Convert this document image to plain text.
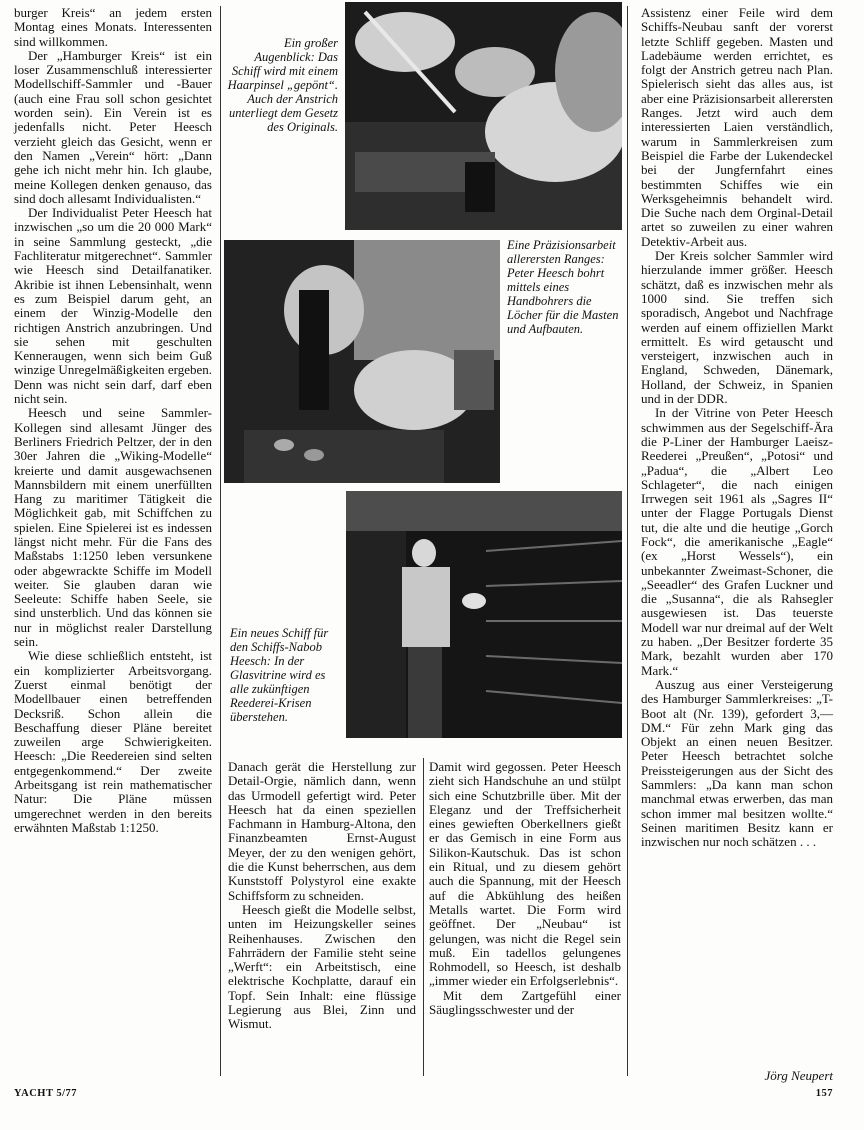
burger Kreis“ an jedem ersten Montag eines Monats. Interessenten sind willkommen.

Der „Hamburger Kreis“ ist ein loser Zusammenschluß interessierter Modellschiff-Sammler und -Bauer (auch eine Frau soll schon gesichtet worden sein). Ein Verein ist es jedenfalls nicht. Peter Heesch verzieht gleich das Gesicht, wenn er den Namen „Verein“ hört: „Dann gehe ich nicht mehr hin. Ich glaube, meine Kollegen denken genauso, das sind doch allesamt Individualisten.“

Der Individualist Peter Heesch hat inzwischen „so um die 20 000 Mark“ in seine Sammlung gesteckt, „die Fachliteratur mitgerechnet“. Sammler wie Heesch sind Detailfanatiker. Akribie ist ihnen Lebensinhalt, wenn es zum Beispiel darum geht, an einem der Winzig-Modelle den richtigen Anstrich anzubringen. Und sie sehen mit geschulten Kenneraugen, wenn sich beim Guß winzige Unregelmäßigkeiten ergeben. Denn was nicht sein darf, darf eben nicht sein.

Heesch und seine Sammler-Kollegen sind allesamt Jünger des Berliners Friedrich Peltzer, der in den 30er Jahren die „Wiking-Modelle“ kreierte und damit ausgewachsenen Mannsbildern mit einem unerfüllten Hang zu maritimer Tätigkeit die Möglichkeit gab, mit Schiffchen zu spielen. Eine Spielerei ist es indessen längst nicht mehr. Für die Fans des Maßstabs 1:1250 leben versunkene oder abgewrackte Schiffe im Modell weiter. Sie glauben daran wie Seeleute: Schiffe haben Seele, sie sind unsterblich. Und das können sie nur in möglichst realer Darstellung sein.

Wie diese schließlich entsteht, ist ein komplizierter Arbeitsvorgang. Zuerst einmal benötigt der Modellbauer einen betreffenden Decksriß. Schon allein die Beschaffung dieser Pläne bereitet zuweilen arge Schwierigkeiten. Heesch: „Die Reedereien sind selten entgegenkommend.“ Der zweite Arbeitsgang ist rein mathematischer Natur: Die Pläne müssen umgerechnet werden in den bereits erwähnten Maßstab 1:1250.

Ein großer Augenblick: Das Schiff wird mit einem Haarpinsel „gepönt“. Auch der Anstrich unterliegt dem Gesetz des Originals.
Eine Präzisionsarbeit allerersten Ranges: Peter Heesch bohrt mittels eines Handbohrers die Löcher für die Masten und Aufbauten.
Ein neues Schiff für den Schiffs-Nabob Heesch: In der Glasvitrine wird es alle zukünftigen Reederei-Krisen überstehen.

Danach gerät die Herstellung zur Detail-Orgie, nämlich dann, wenn das Urmodell gefertigt wird. Peter Heesch hat da einen speziellen Fachmann in Hamburg-Altona, den Finanzbeamten Ernst-August Meyer, der zu den wenigen gehört, die die Kunst beherrschen, aus dem Kunststoff Polystyrol eine exakte Schiffsform zu schneiden.

Heesch gießt die Modelle selbst, unten im Heizungskeller seines Reihenhauses. Zwischen den Fahrrädern der Familie steht seine „Werft“: ein Arbeitstisch, eine elektrische Kochplatte, darauf ein Topf. Sein Inhalt: eine flüssige Legierung aus Blei, Zinn und Wismut.

Damit wird gegossen. Peter Heesch zieht sich Handschuhe an und stülpt sich eine Schutzbrille über. Mit der Eleganz und der Treffsicherheit eines gewieften Oberkellners gießt er das Gemisch in eine Form aus Silikon-Kautschuk. Das ist schon ein Ritual, und zu diesem gehört auch die Spannung, mit der Heesch auf die Abkühlung des heißen Metalls wartet. Die Form wird geöffnet. Der „Neubau“ ist gelungen, was nicht die Regel sein muß. Ein tadellos gelungenes Rohmodell, so Heesch, ist deshalb „immer wieder ein Erfolgserlebnis“.

Mit dem Zartgefühl einer Säuglingsschwester und der

Assistenz einer Feile wird dem Schiffs-Neubau sanft der vorerst letzte Schliff gegeben. Masten und Ladebäume werden errichtet, es folgt der Anstrich getreu nach Plan. Spielerisch sieht das alles aus, ist aber eine Präzisionsarbeit allerersten Ranges. Jetzt wird auch dem interessierten Laien verständlich, warum in Sammlerkreisen zum Beispiel die Farbe der Lukendeckel bei der Jungfernfahrt eines bestimmten Schiffes wie ein Werksgeheimnis behandelt wird. Die Suche nach dem Orginal-Detail artet so zuweilen zu einer wahren Detektiv-Arbeit aus.

Der Kreis solcher Sammler wird hierzulande immer größer. Heesch schätzt, daß es inzwischen mehr als 1000 sind. Sie treffen sich sporadisch, Angebot und Nachfrage werden auf einem offiziellen Markt ermittelt. Es wird getauscht und versteigert, inzwischen auch in England, Schweden, Dänemark, Holland, der Schweiz, in Spanien und in der DDR.

In der Vitrine von Peter Heesch schwimmen aus der Segelschiff-Ära die P-Liner der Hamburger Laeisz-Reederei „Preußen“, „Potosi“ und „Padua“, die „Albert Leo Schlageter“, die nach einigen Irrwegen seit 1961 als „Sagres II“ unter der Flagge Portugals Dienst tut, die alte und die heutige „Gorch Fock“, die amerikanische „Eagle“ (ex „Horst Wessels“), ein unbekannter Zweimast-Schoner, die „Seeadler“ des Grafen Luckner und die „Susanna“, die als Rahsegler ausgewiesen ist. Das teuerste Modell war nur dreimal auf der Welt zu haben. „Der Besitzer forderte 35 Mark, bezahlt wurden aber 170 Mark.“

Auszug aus einer Versteigerung des Hamburger Sammlerkreises: „T-Boot alt (Nr. 139), gefordert 3,— DM.“ Für zehn Mark ging das Objekt an einen neuen Besitzer. Peter Heesch betrachtet solche Preissteigerungen aus der Sicht des Sammlers: „Da kann man schon manchmal etwas erwerben, das man schon immer mal besitzen wollte.“ Seinen maritimen Besitz kann er inzwischen nur noch schätzen . . .

Jörg Neupert
YACHT 5/77	157
